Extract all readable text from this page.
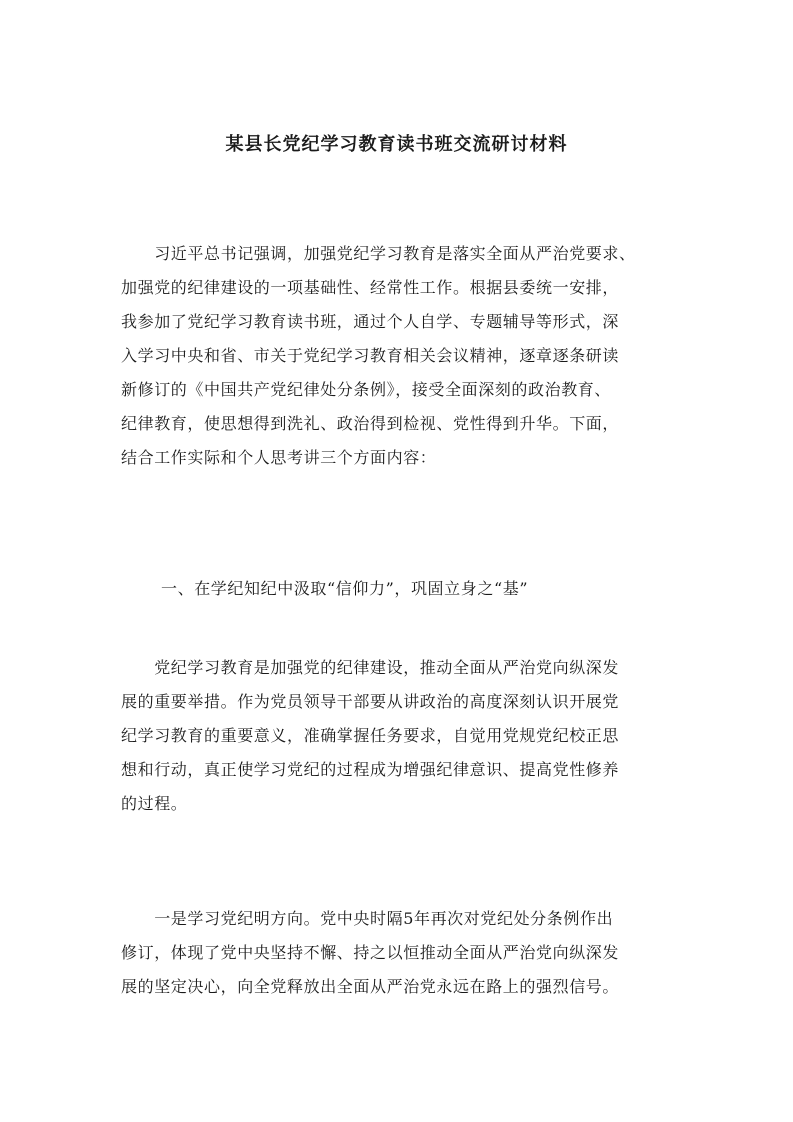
某县长党纪学习教育读书班交流研讨材料
　　习近平总书记强调，加强党纪学习教育是落实全面从严治党要求、
加强党的纪律建设的一项基础性、经常性工作。根据县委统一安排，
我参加了党纪学习教育读书班，通过个人自学、专题辅导等形式，深
入学习中央和省、市关于党纪学习教育相关会议精神，逐章逐条研读
新修订的《中国共产党纪律处分条例》，接受全面深刻的政治教育、
纪律教育，使思想得到洗礼、政治得到检视、党性得到升华。下面，
结合工作实际和个人思考讲三个方面内容：
一、在学纪知纪中汲取“信仰力”，巩固立身之“基”
　　党纪学习教育是加强党的纪律建设，推动全面从严治党向纵深发
展的重要举措。作为党员领导干部要从讲政治的高度深刻认识开展党
纪学习教育的重要意义，准确掌握任务要求，自觉用党规党纪校正思
想和行动，真正使学习党纪的过程成为增强纪律意识、提高党性修养
的过程。
　　一是学习党纪明方向。党中央时隔5年再次对党纪处分条例作出
修订，体现了党中央坚持不懈、持之以恒推动全面从严治党向纵深发
展的坚定决心，向全党释放出全面从严治党永远在路上的强烈信号。
